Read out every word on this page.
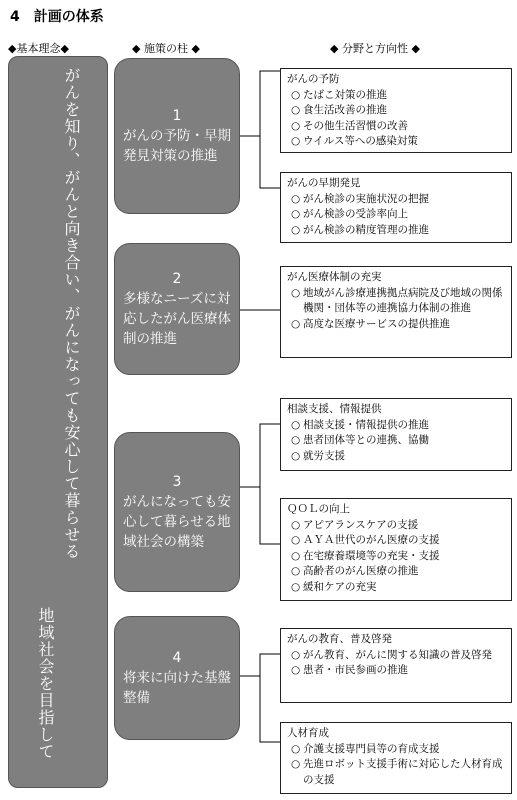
4　計画の体系
◆基本理念◆	◆ 施策の柱 ◆	◆ 分野と方向性 ◆
がんを知り、がんと向き合い、がんになっても安心して暮らせる
地域社会を目指して
1
がんの予防・早期発見対策の推進
2
多様なニーズに対応したがん医療体制の推進
3
がんになっても安心して暮らせる地域社会の構築
4
将来に向けた基盤整備
がんの予防
○ たばこ対策の推進
○ 食生活改善の推進
○ その他生活習慣の改善
○ ウイルス等への感染対策
がんの早期発見
○ がん検診の実施状況の把握
○ がん検診の受診率向上
○ がん検診の精度管理の推進
がん医療体制の充実
○ 地域がん診療連携拠点病院及び地域の関係機関・団体等の連携協力体制の推進
○ 高度な医療サービスの提供推進
相談支援、情報提供
○ 相談支援・情報提供の推進
○ 患者団体等との連携、協働
○ 就労支援
ＱＯＬの向上
○ アピアランスケアの支援
○ ＡＹＡ世代のがん医療の支援
○ 在宅療養環境等の充実・支援
○ 高齢者のがん医療の推進
○ 緩和ケアの充実
がんの教育、普及啓発
○ がん教育、がんに関する知識の普及啓発
○ 患者・市民参画の推進
人材育成
○ 介護支援専門員等の育成支援
○ 先進ロボット支援手術に対応した人材育成の支援
